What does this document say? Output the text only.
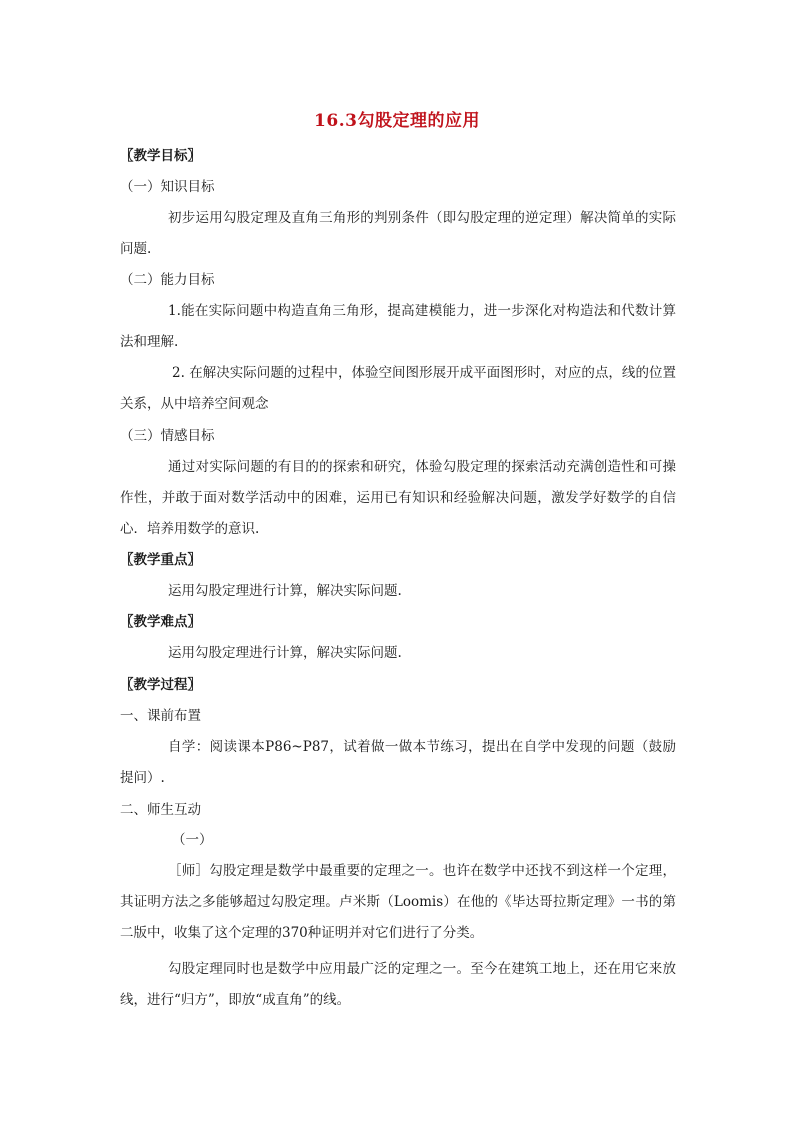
16.3勾股定理的应用
〖教学目标〗
（一）知识目标
初步运用勾股定理及直角三角形的判别条件（即勾股定理的逆定理）解决简单的实际问题.
（二）能力目标
1.能在实际问题中构造直角三角形，提高建模能力，进一步深化对构造法和代数计算法和理解.
2. 在解决实际问题的过程中，体验空间图形展开成平面图形时，对应的点，线的位置关系，从中培养空间观念
（三）情感目标
通过对实际问题的有目的的探索和研究，体验勾股定理的探索活动充满创造性和可操作性，并敢于面对数学活动中的困难，运用已有知识和经验解决问题，激发学好数学的自信心．培养用数学的意识.
〖教学重点〗
运用勾股定理进行计算，解决实际问题.
〖教学难点〗
运用勾股定理进行计算，解决实际问题.
〖教学过程〗
一、课前布置
自学：阅读课本P86~P87，试着做一做本节练习，提出在自学中发现的问题（鼓励提问）.
二、师生互动
（一）
［师］勾股定理是数学中最重要的定理之一。也许在数学中还找不到这样一个定理，其证明方法之多能够超过勾股定理。卢米斯（Loomis）在他的《毕达哥拉斯定理》一书的第二版中，收集了这个定理的370种证明并对它们进行了分类。
勾股定理同时也是数学中应用最广泛的定理之一。至今在建筑工地上，还在用它来放线，进行“归方”，即放“成直角”的线。
